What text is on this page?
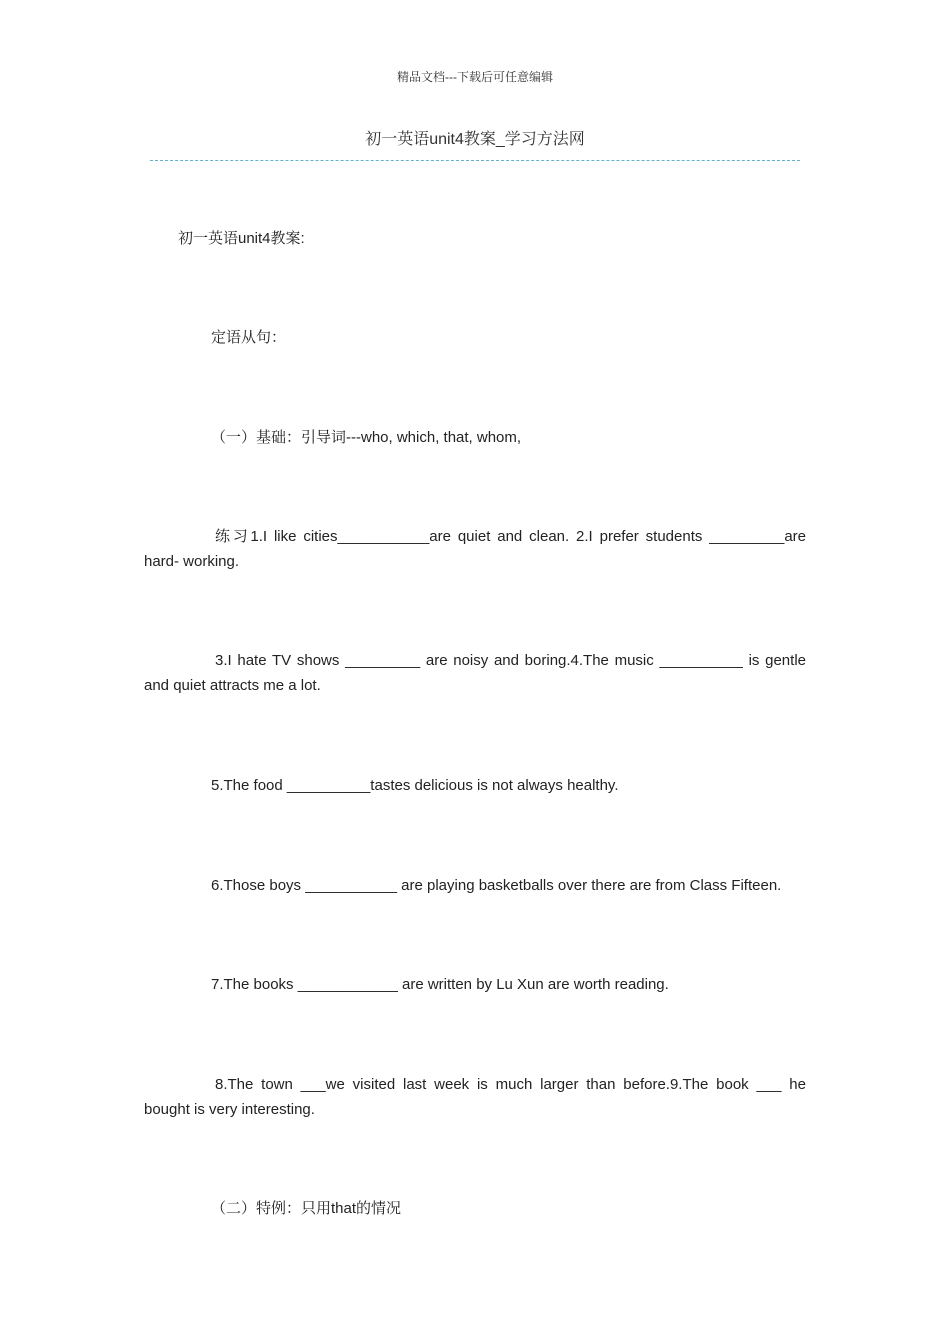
精品文档---下载后可任意编辑
初一英语unit4教案_学习方法网
初一英语unit4教案:
定语从句：
（一）基础：引导词---who, which, that, whom,
练习1.I like cities___________are quiet and clean. 2.I prefer students _________are hard- working.
3.I hate TV shows _________ are noisy and boring.4.The music __________ is gentle and quiet attracts me a lot.
5.The food __________tastes delicious is not always healthy.
6.Those boys ___________ are playing basketballs over there are from Class Fifteen.
7.The books ____________ are written by Lu Xun are worth reading.
8.The town ___we visited last week is much larger than before.9.The book ___ he bought is very interesting.
（二）特例：只用that的情况
